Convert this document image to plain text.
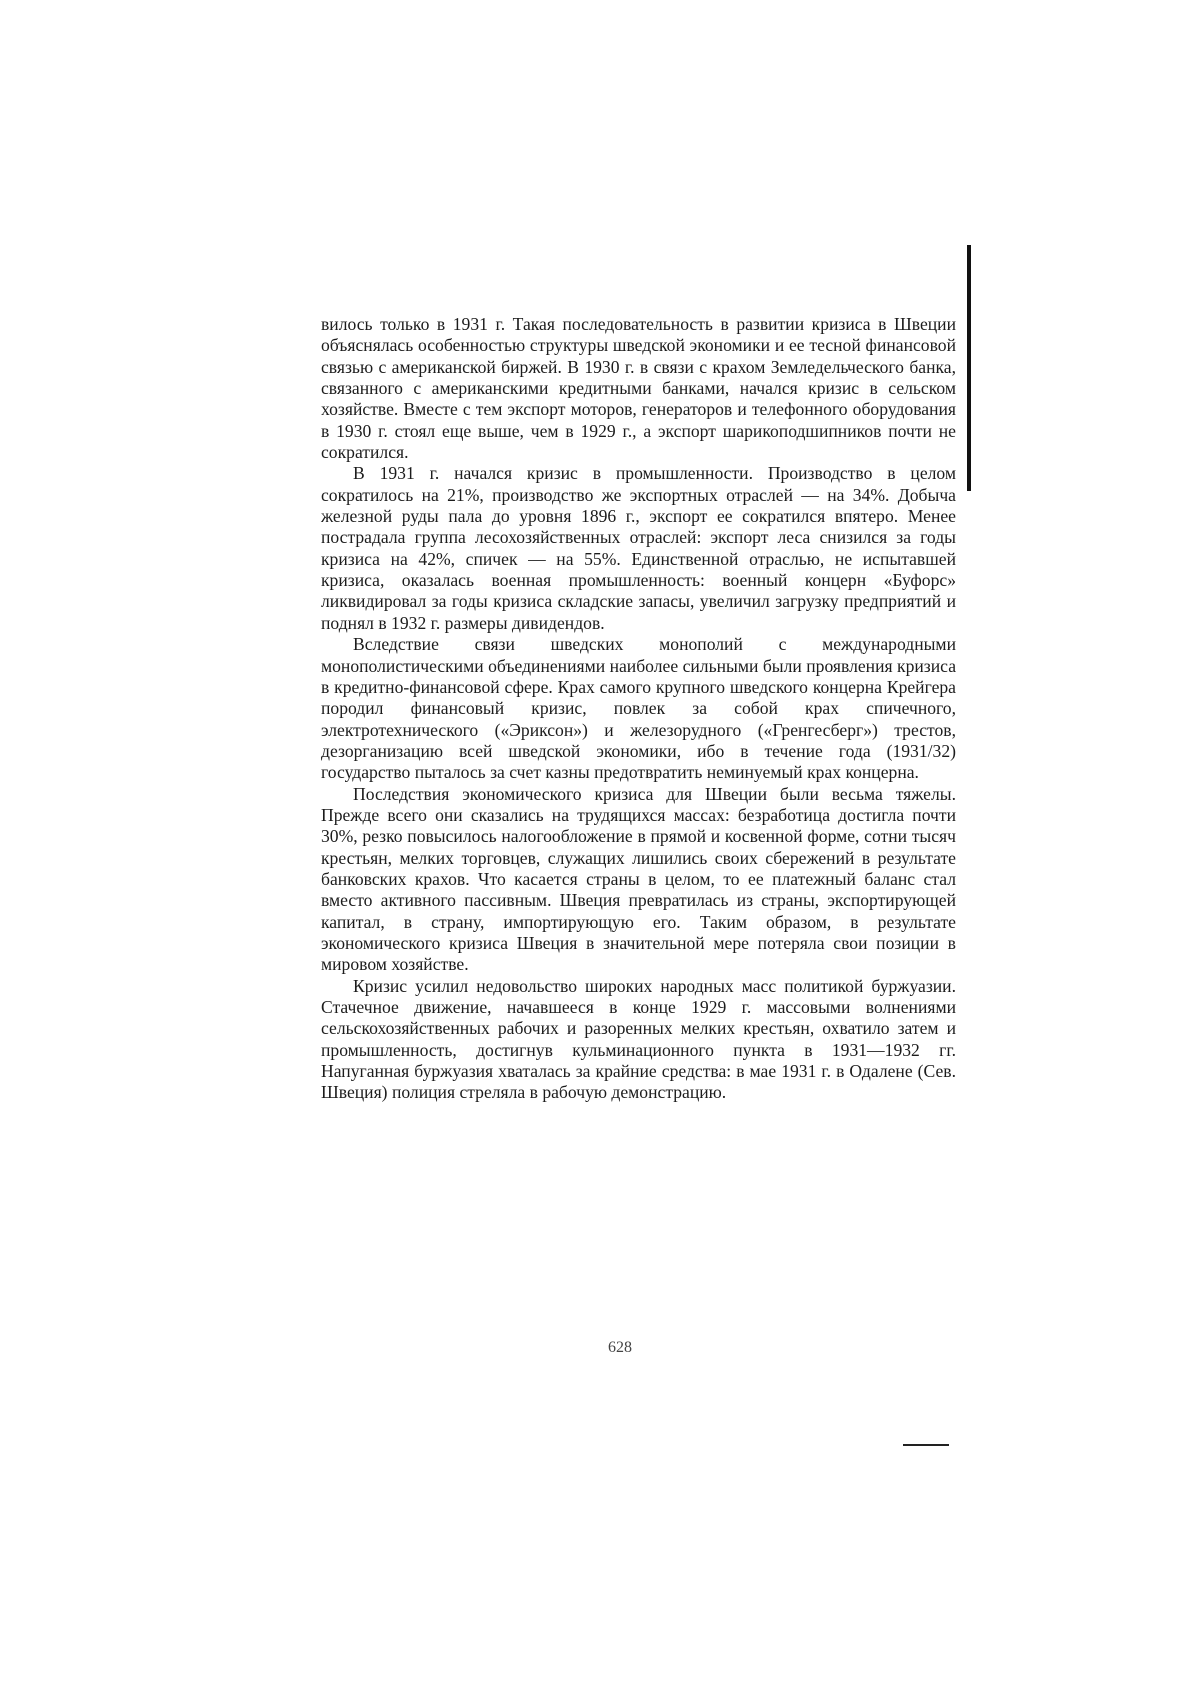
вилось только в 1931 г. Такая последовательность в развитии кризиса в Швеции объяснялась особенностью структуры шведской экономики и ее тесной финансовой связью с американской биржей. В 1930 г. в связи с крахом Земледельческого банка, связанного с американскими кредитными банками, начался кризис в сельском хозяйстве. Вместе с тем экспорт моторов, генераторов и телефонного оборудования в 1930 г. стоял еще выше, чем в 1929 г., а экспорт шарикоподшипников почти не сократился.

В 1931 г. начался кризис в промышленности. Производство в целом сократилось на 21%, производство же экспортных отраслей — на 34%. Добыча железной руды пала до уровня 1896 г., экспорт ее сократился впятеро. Менее пострадала группа лесохозяйственных отраслей: экспорт леса снизился за годы кризиса на 42%, спичек — на 55%. Единственной отраслью, не испытавшей кризиса, оказалась военная промышленность: военный концерн «Буфорс» ликвидировал за годы кризиса складские запасы, увеличил загрузку предприятий и поднял в 1932 г. размеры дивидендов.

Вследствие связи шведских монополий с международными монополистическими объединениями наиболее сильными были проявления кризиса в кредитно-финансовой сфере. Крах самого крупного шведского концерна Крейгера породил финансовый кризис, повлек за собой крах спичечного, электротехнического («Эриксон») и железорудного («Гренгесберг») трестов, дезорганизацию всей шведской экономики, ибо в течение года (1931/32) государство пыталось за счет казны предотвратить неминуемый крах концерна.

Последствия экономического кризиса для Швеции были весьма тяжелы. Прежде всего они сказались на трудящихся массах: безработица достигла почти 30%, резко повысилось налогообложение в прямой и косвенной форме, сотни тысяч крестьян, мелких торговцев, служащих лишились своих сбережений в результате банковских крахов. Что касается страны в целом, то ее платежный баланс стал вместо активного пассивным. Швеция превратилась из страны, экспортирующей капитал, в страну, импортирующую его. Таким образом, в результате экономического кризиса Швеция в значительной мере потеряла свои позиции в мировом хозяйстве.

Кризис усилил недовольство широких народных масс политикой буржуазии. Стачечное движение, начавшееся в конце 1929 г. массовыми волнениями сельскохозяйственных рабочих и разоренных мелких крестьян, охватило затем и промышленность, достигнув кульминационного пункта в 1931—1932 гг. Напуганная буржуазия хваталась за крайние средства: в мае 1931 г. в Одалене (Сев. Швеция) полиция стреляла в рабочую демонстрацию.

628
